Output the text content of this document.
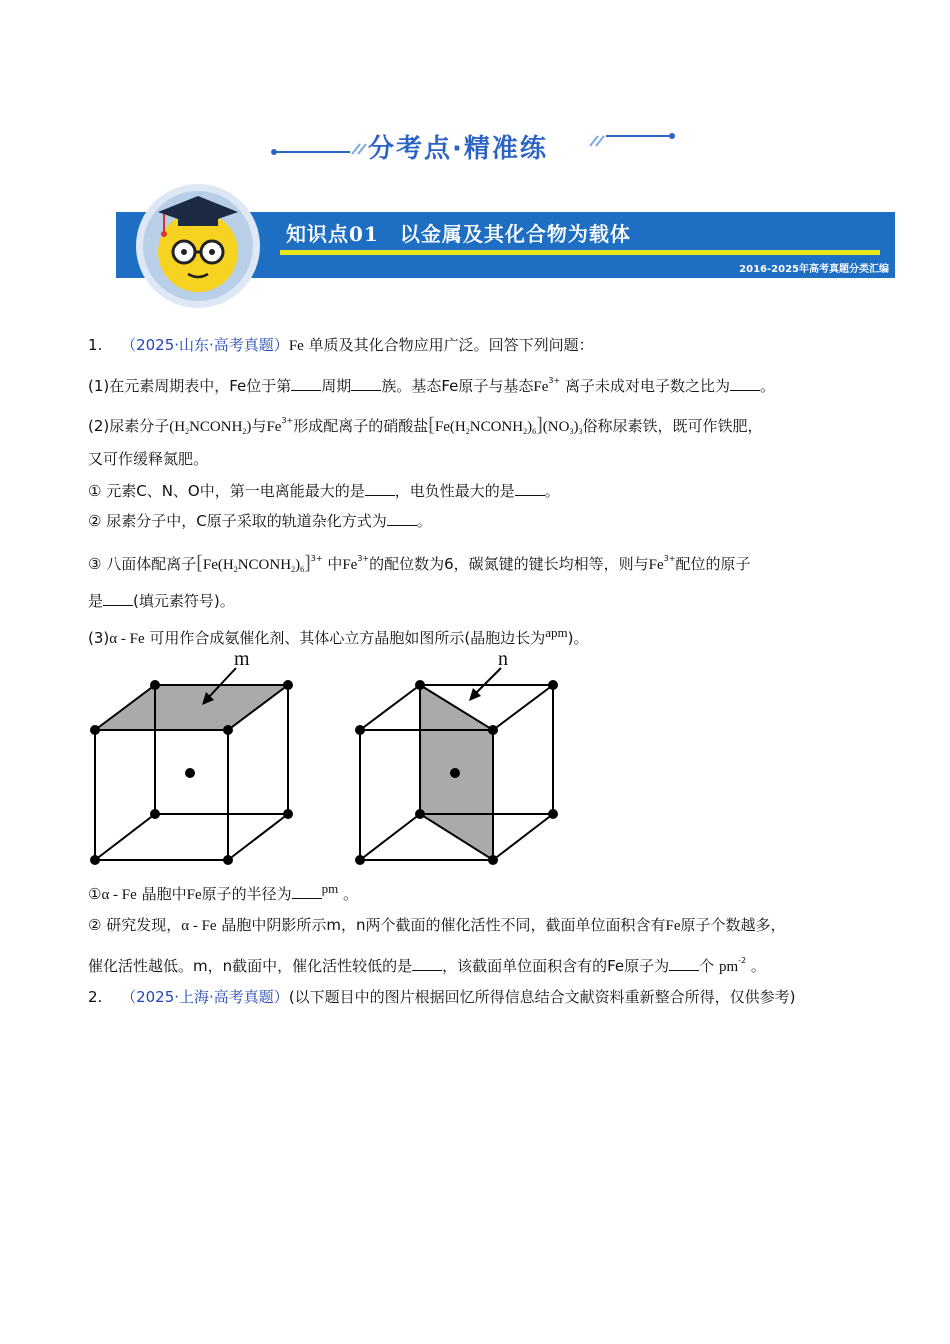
分考点·精准练
知识点01　以金属及其化合物为载体
2016-2025年高考真题分类汇编
1. （2025·山东·高考真题）Fe 单质及其化合物应用广泛。回答下列问题：
(1)在元素周期表中，Fe位于第 周期 族。基态Fe原子与基态$Fe^{3+}$ 离子未成对电子数之比为 。
(2)尿素分子$(H_2NCONH_2)$与$Fe^{3+}$形成配离子的硝酸盐$[Fe(H_2NCONH_2)_6](NO_3)_3$俗称尿素铁，既可作铁肥，
又可作缓释氮肥。
① 元素C、N、O中，第一电离能最大的是 ，电负性最大的是 。
② 尿素分子中，C原子采取的轨道杂化方式为 。
③ 八面体配离子$[Fe(H_2NCONH_2)_6]^{3+}$ 中$Fe^{3+}$的配位数为6，碳氮键的键长均相等，则与$Fe^{3+}$配位的原子
是 (填元素符号)。
(3)α - Fe 可用作合成氨催化剂、其体心立方晶胞如图所示(晶胞边长为$^{apm}$)。
m	n
①α - Fe 晶胞中Fe原子的半径为 $^{pm}$ 。
② 研究发现，α - Fe 晶胞中阴影所示m，n两个截面的催化活性不同，截面单位面积含有Fe原子个数越多，
催化活性越低。m，n截面中，催化活性较低的是 ，该截面单位面积含有的Fe原子为 个 $pm^{-2}$ 。
2. （2025·上海·高考真题）(以下题目中的图片根据回忆所得信息结合文献资料重新整合所得，仅供参考)
